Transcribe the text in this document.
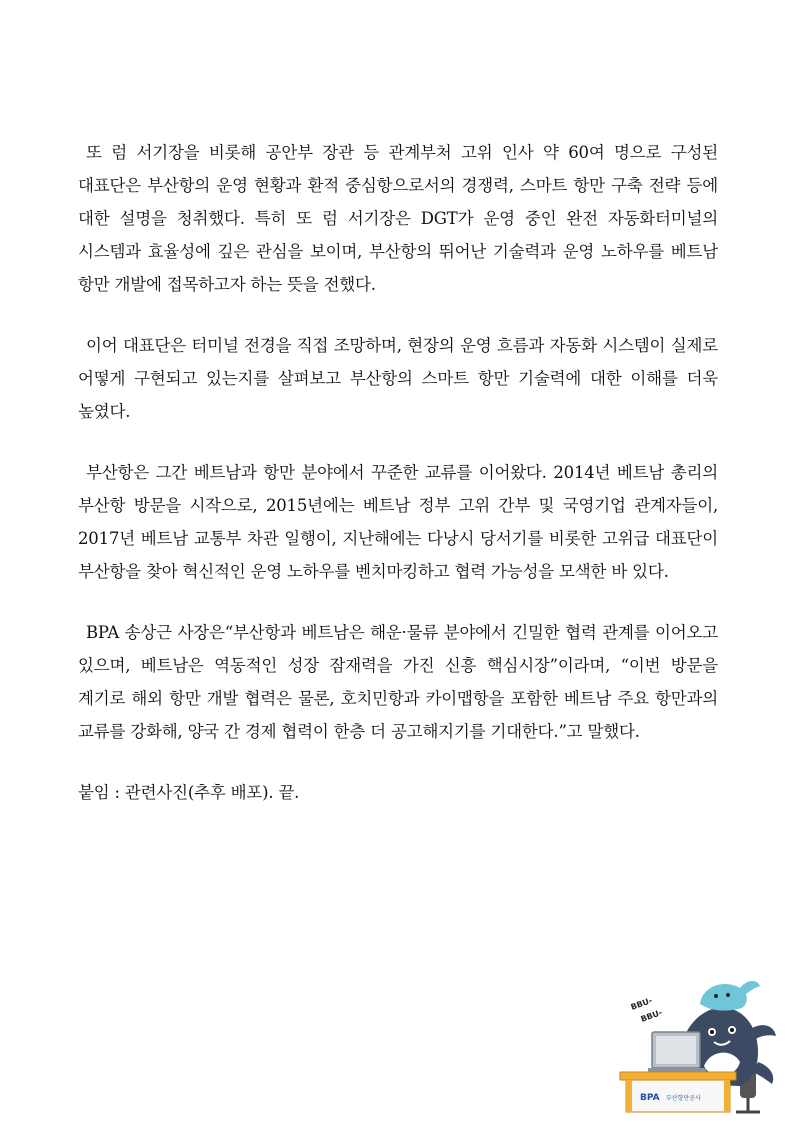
또 럼 서기장을 비롯해 공안부 장관 등 관계부처 고위 인사 약 60여 명으로 구성된 대표단은 부산항의 운영 현황과 환적 중심항으로서의 경쟁력, 스마트 항만 구축 전략 등에 대한 설명을 청취했다. 특히 또 럼 서기장은 DGT가 운영 중인 완전 자동화터미널의 시스템과 효율성에 깊은 관심을 보이며, 부산항의 뛰어난 기술력과 운영 노하우를 베트남 항만 개발에 접목하고자 하는 뜻을 전했다.

이어 대표단은 터미널 전경을 직접 조망하며, 현장의 운영 흐름과 자동화 시스템이 실제로 어떻게 구현되고 있는지를 살펴보고 부산항의 스마트 항만 기술력에 대한 이해를 더욱 높였다.

부산항은 그간 베트남과 항만 분야에서 꾸준한 교류를 이어왔다. 2014년 베트남 총리의 부산항 방문을 시작으로, 2015년에는 베트남 정부 고위 간부 및 국영기업 관계자들이, 2017년 베트남 교통부 차관 일행이, 지난해에는 다낭시 당서기를 비롯한 고위급 대표단이 부산항을 찾아 혁신적인 운영 노하우를 벤치마킹하고 협력 가능성을 모색한 바 있다.

BPA 송상근 사장은“부산항과 베트남은 해운·물류 분야에서 긴밀한 협력 관계를 이어오고 있으며, 베트남은 역동적인 성장 잠재력을 가진 신흥 핵심시장”이라며, “이번 방문을 계기로 해외 항만 개발 협력은 물론, 호치민항과 카이맵항을 포함한 베트남 주요 항만과의 교류를 강화해, 양국 간 경제 협력이 한층 더 공고해지기를 기대한다.”고 말했다.

붙임 : 관련사진(추후 배포). 끝.

BBU-
BBU-
BPA 부산항만공사
